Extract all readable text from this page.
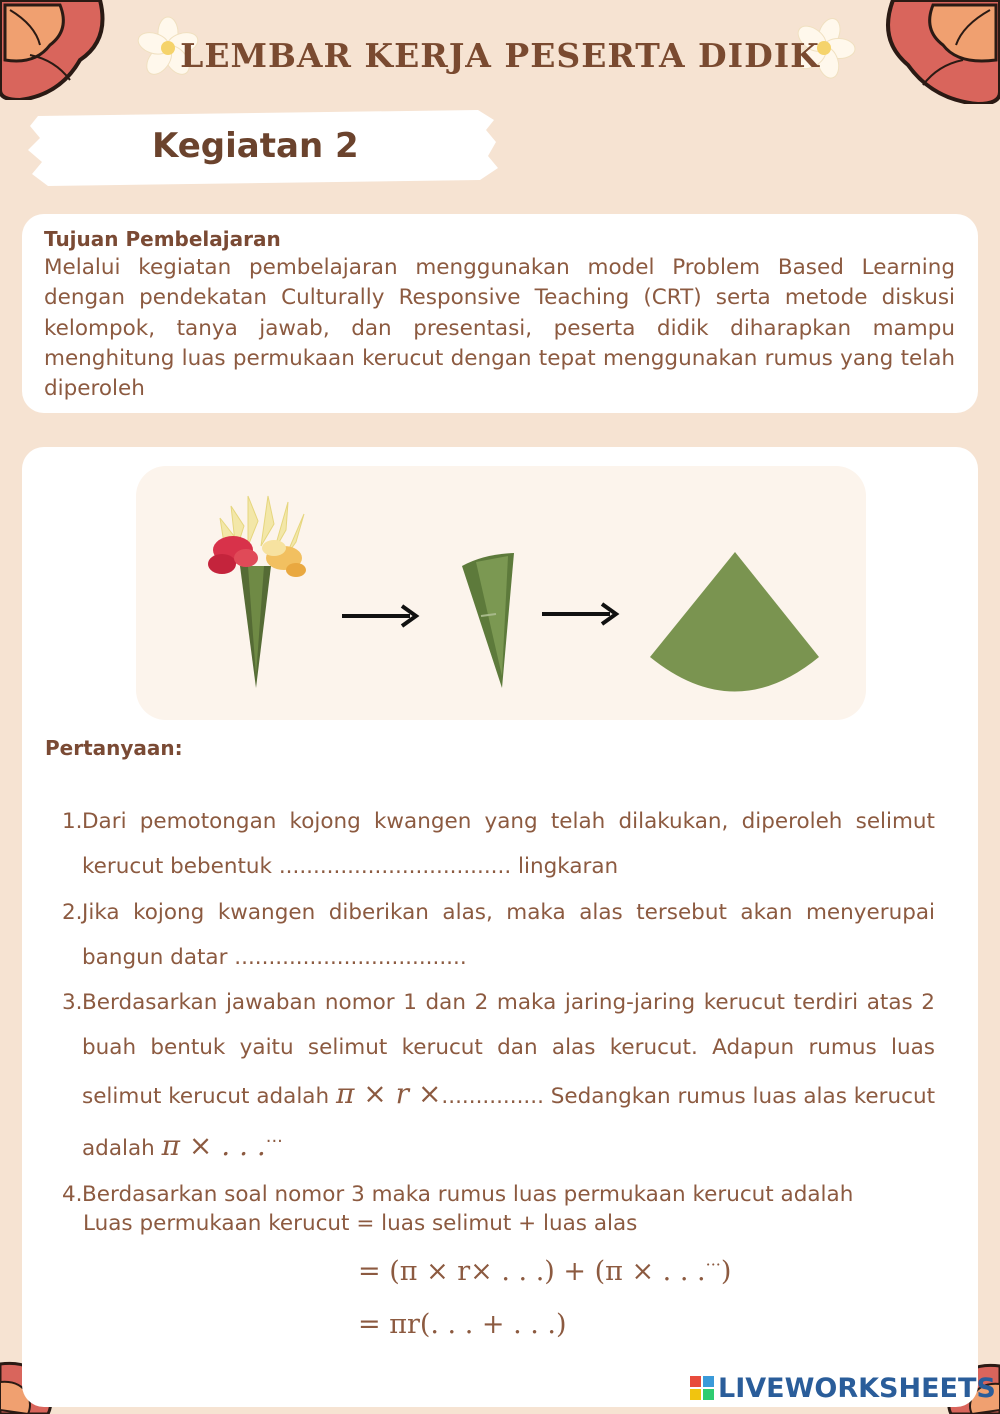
LEMBAR KERJA PESERTA DIDIK
Kegiatan 2
Tujuan Pembelajaran
Melalui kegiatan pembelajaran menggunakan model Problem Based Learning dengan pendekatan Culturally Responsive Teaching (CRT) serta metode diskusi kelompok, tanya jawab, dan presentasi, peserta didik diharapkan mampu menghitung luas permukaan kerucut dengan tepat menggunakan rumus yang telah diperoleh
Pertanyaan:
1. Dari pemotongan kojong kwangen yang telah dilakukan, diperoleh selimut kerucut bebentuk .................................. lingkaran
2. Jika kojong kwangen diberikan alas, maka alas tersebut akan menyerupai bangun datar ..................................
3. Berdasarkan jawaban nomor 1 dan 2 maka jaring-jaring kerucut terdiri atas 2 buah bentuk yaitu selimut kerucut dan alas kerucut. Adapun rumus luas selimut kerucut adalah π × r ×............... Sedangkan rumus luas alas kerucut adalah π × . . .···
4. Berdasarkan soal nomor 3 maka rumus luas permukaan kerucut adalah
Luas permukaan kerucut = luas selimut + luas alas
= (π × r× . . .) + (π × . . .···)
= πr(. . . + . . .)
LIVEWORKSHEETS
